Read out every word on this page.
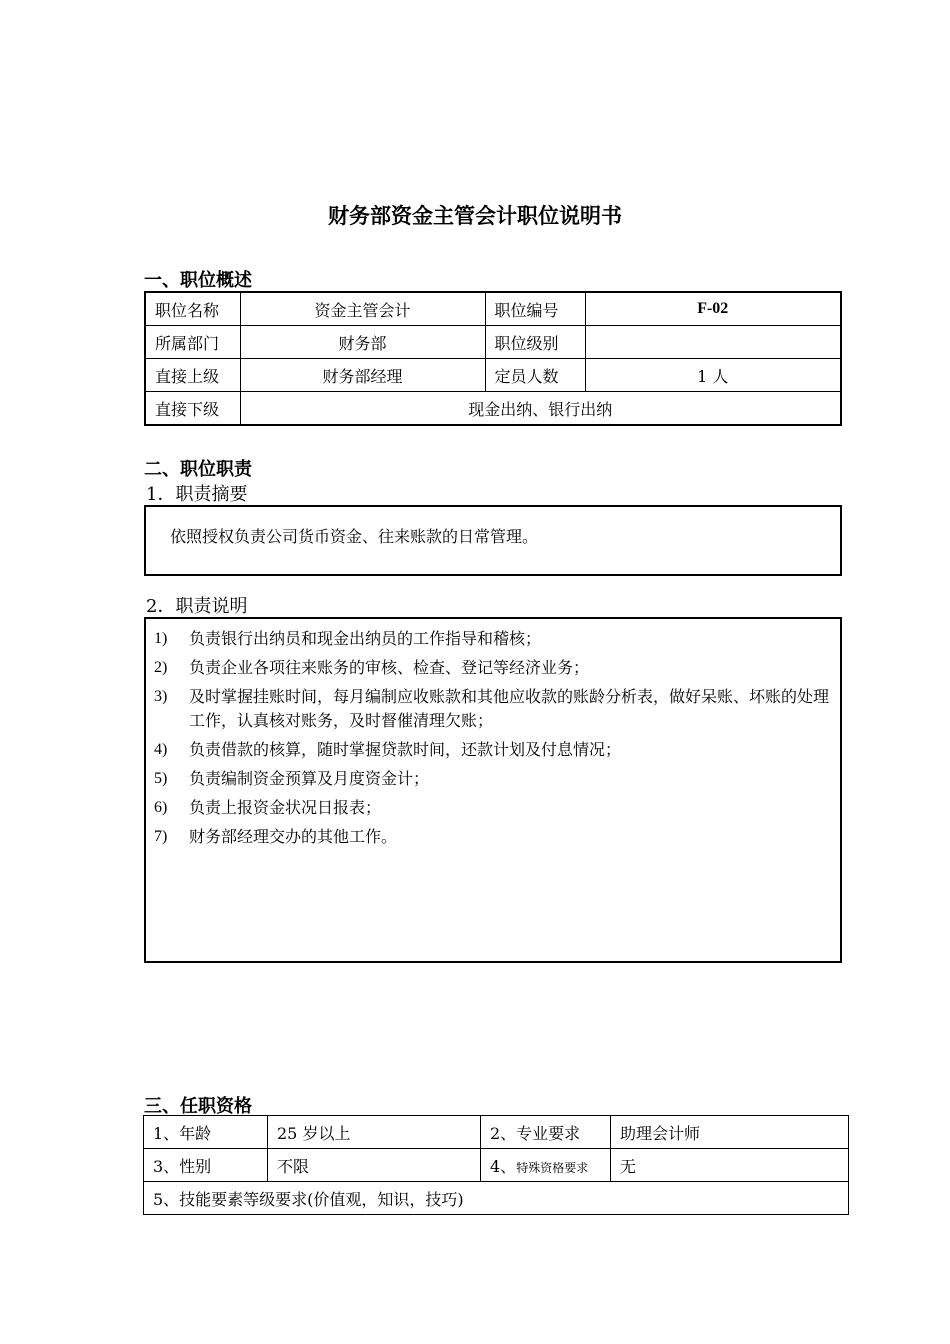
财务部资金主管会计职位说明书
一、职位概述
职位名称	资金主管会计	职位编号	F-02
所属部门	财务部	职位级别	
直接上级	财务部经理	定员人数	1 人
直接下级	现金出纳、银行出纳		
二、职位职责
1．职责摘要

依照授权负责公司货币资金、往来账款的日常管理。

2．职责说明
1) 负责银行出纳员和现金出纳员的工作指导和稽核；
2) 负责企业各项往来账务的审核、检查、登记等经济业务；
3) 及时掌握挂账时间，每月编制应收账款和其他应收款的账龄分析表，做好呆账、坏账的处理工作，认真核对账务，及时督催清理欠账；
4) 负责借款的核算，随时掌握贷款时间，还款计划及付息情况；
5) 负责编制资金预算及月度资金计；
6) 负责上报资金状况日报表；
7) 财务部经理交办的其他工作。
三、任职资格
1、年龄	25 岁以上	2、专业要求	助理会计师
3、性别	不限	4、特殊资格要求	无
5、技能要素等级要求(价值观，知识，技巧)			
